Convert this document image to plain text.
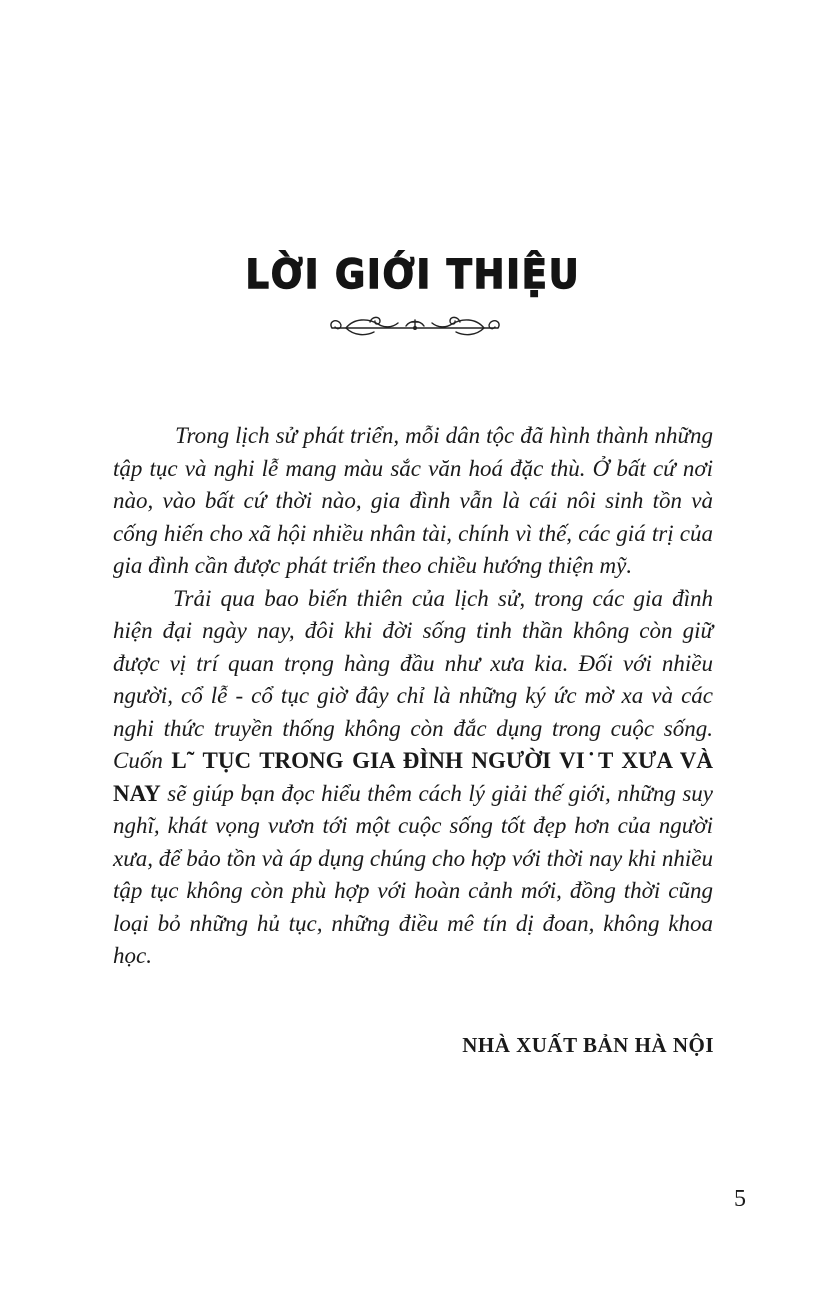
LỜI GIỚI THIỆU

Trong lịch sử phát triển, mỗi dân tộc đã hình thành những tập tục và nghi lễ mang màu sắc văn hoá đặc thù. Ở bất cứ nơi nào, vào bất cứ thời nào, gia đình vẫn là cái nôi sinh tồn và cống hiến cho xã hội nhiều nhân tài, chính vì thế, các giá trị của gia đình cần được phát triển theo chiều hướng thiện mỹ.

Trải qua bao biến thiên của lịch sử, trong các gia đình hiện đại ngày nay, đôi khi đời sống tinh thần không còn giữ được vị trí quan trọng hàng đầu như xưa kia. Đối với nhiều người, cổ lễ - cổ tục giờ đây chỉ là những ký ức mờ xa và các nghi thức truyền thống không còn đắc dụng trong cuộc sống. Cuốn L˜ TỤC TRONG GIA ĐÌNH NGƯỜI VI˙T XƯA VÀ NAY sẽ giúp bạn đọc hiểu thêm cách lý giải thế giới, những suy nghĩ, khát vọng vươn tới một cuộc sống tốt đẹp hơn của người xưa, để bảo tồn và áp dụng chúng cho hợp với thời nay khi nhiều tập tục không còn phù hợp với hoàn cảnh mới, đồng thời cũng loại bỏ những hủ tục, những điều mê tín dị đoan, không khoa học.

NHÀ XUẤT BẢN HÀ NỘI
5
